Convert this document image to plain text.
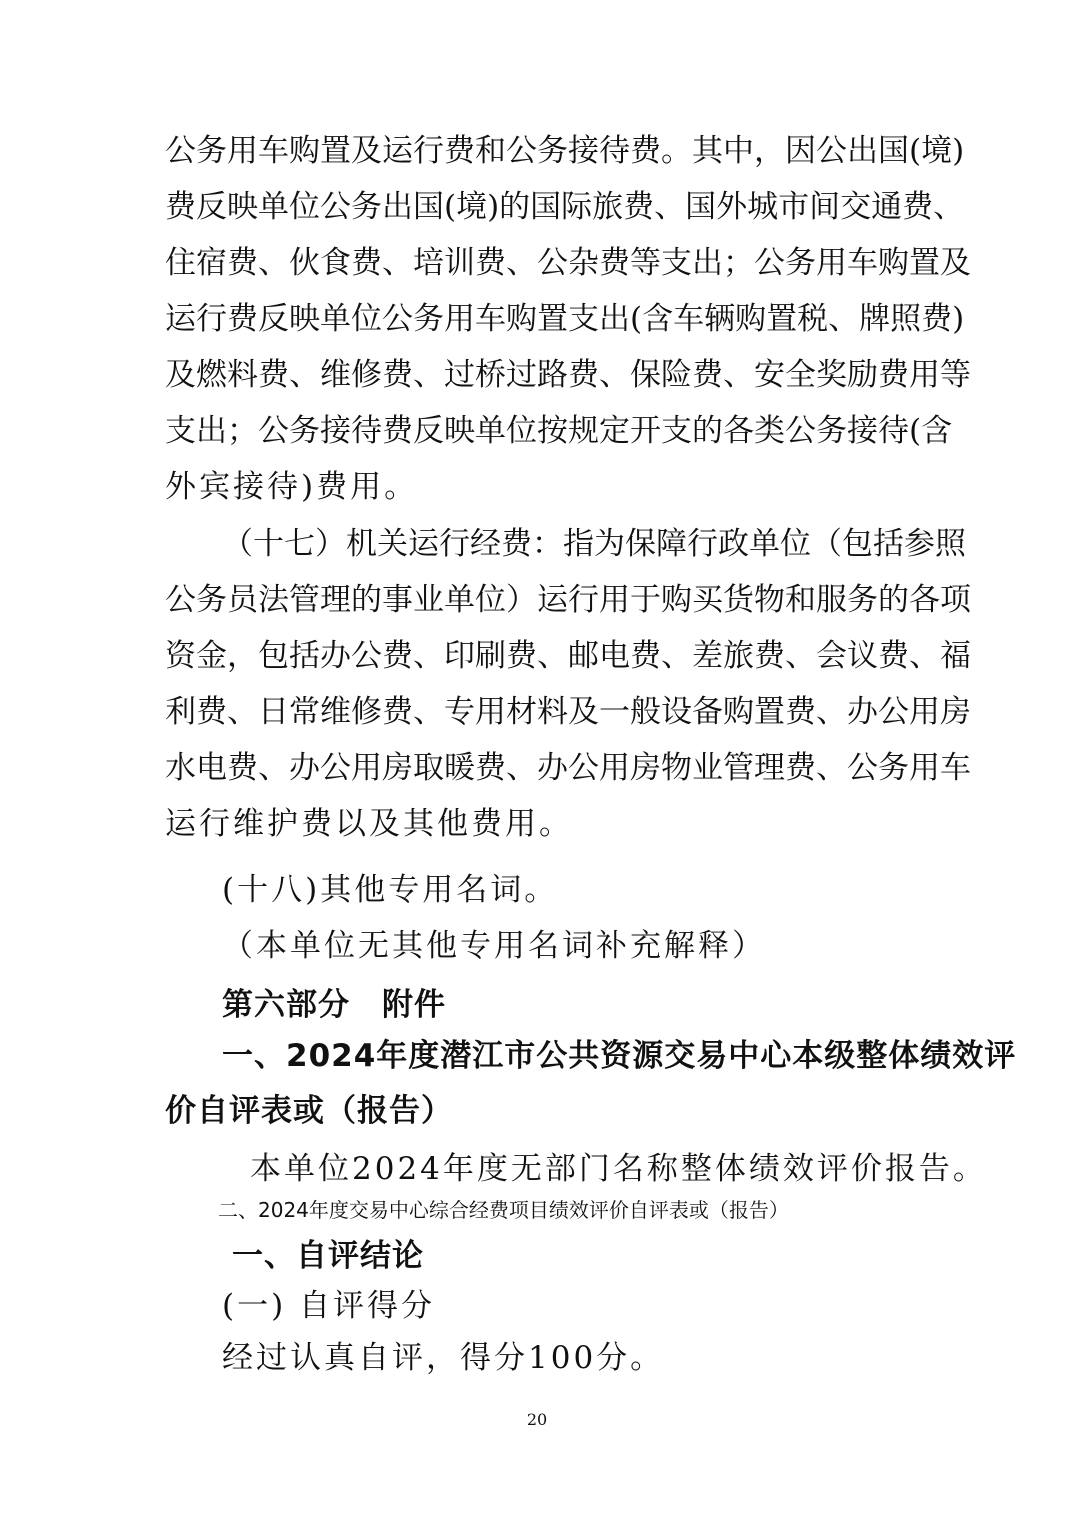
公务用车购置及运行费和公务接待费。其中，因公出国(境)
费反映单位公务出国(境)的国际旅费、国外城市间交通费、
住宿费、伙食费、培训费、公杂费等支出；公务用车购置及
运行费反映单位公务用车购置支出(含车辆购置税、牌照费)
及燃料费、维修费、过桥过路费、保险费、安全奖励费用等
支出；公务接待费反映单位按规定开支的各类公务接待(含
外宾接待)费用。
（十七）机关运行经费：指为保障行政单位（包括参照
公务员法管理的事业单位）运行用于购买货物和服务的各项
资金，包括办公费、印刷费、邮电费、差旅费、会议费、福
利费、日常维修费、专用材料及一般设备购置费、办公用房
水电费、办公用房取暖费、办公用房物业管理费、公务用车
运行维护费以及其他费用。
(十八)其他专用名词。
（本单位无其他专用名词补充解释）
第六部分　附件
一、2024年度潜江市公共资源交易中心本级整体绩效评
价自评表或（报告）
本单位2024年度无部门名称整体绩效评价报告。
二、2024年度交易中心综合经费项目绩效评价自评表或（报告）
一、自评结论
(一) 自评得分
经过认真自评，得分100分。
20
